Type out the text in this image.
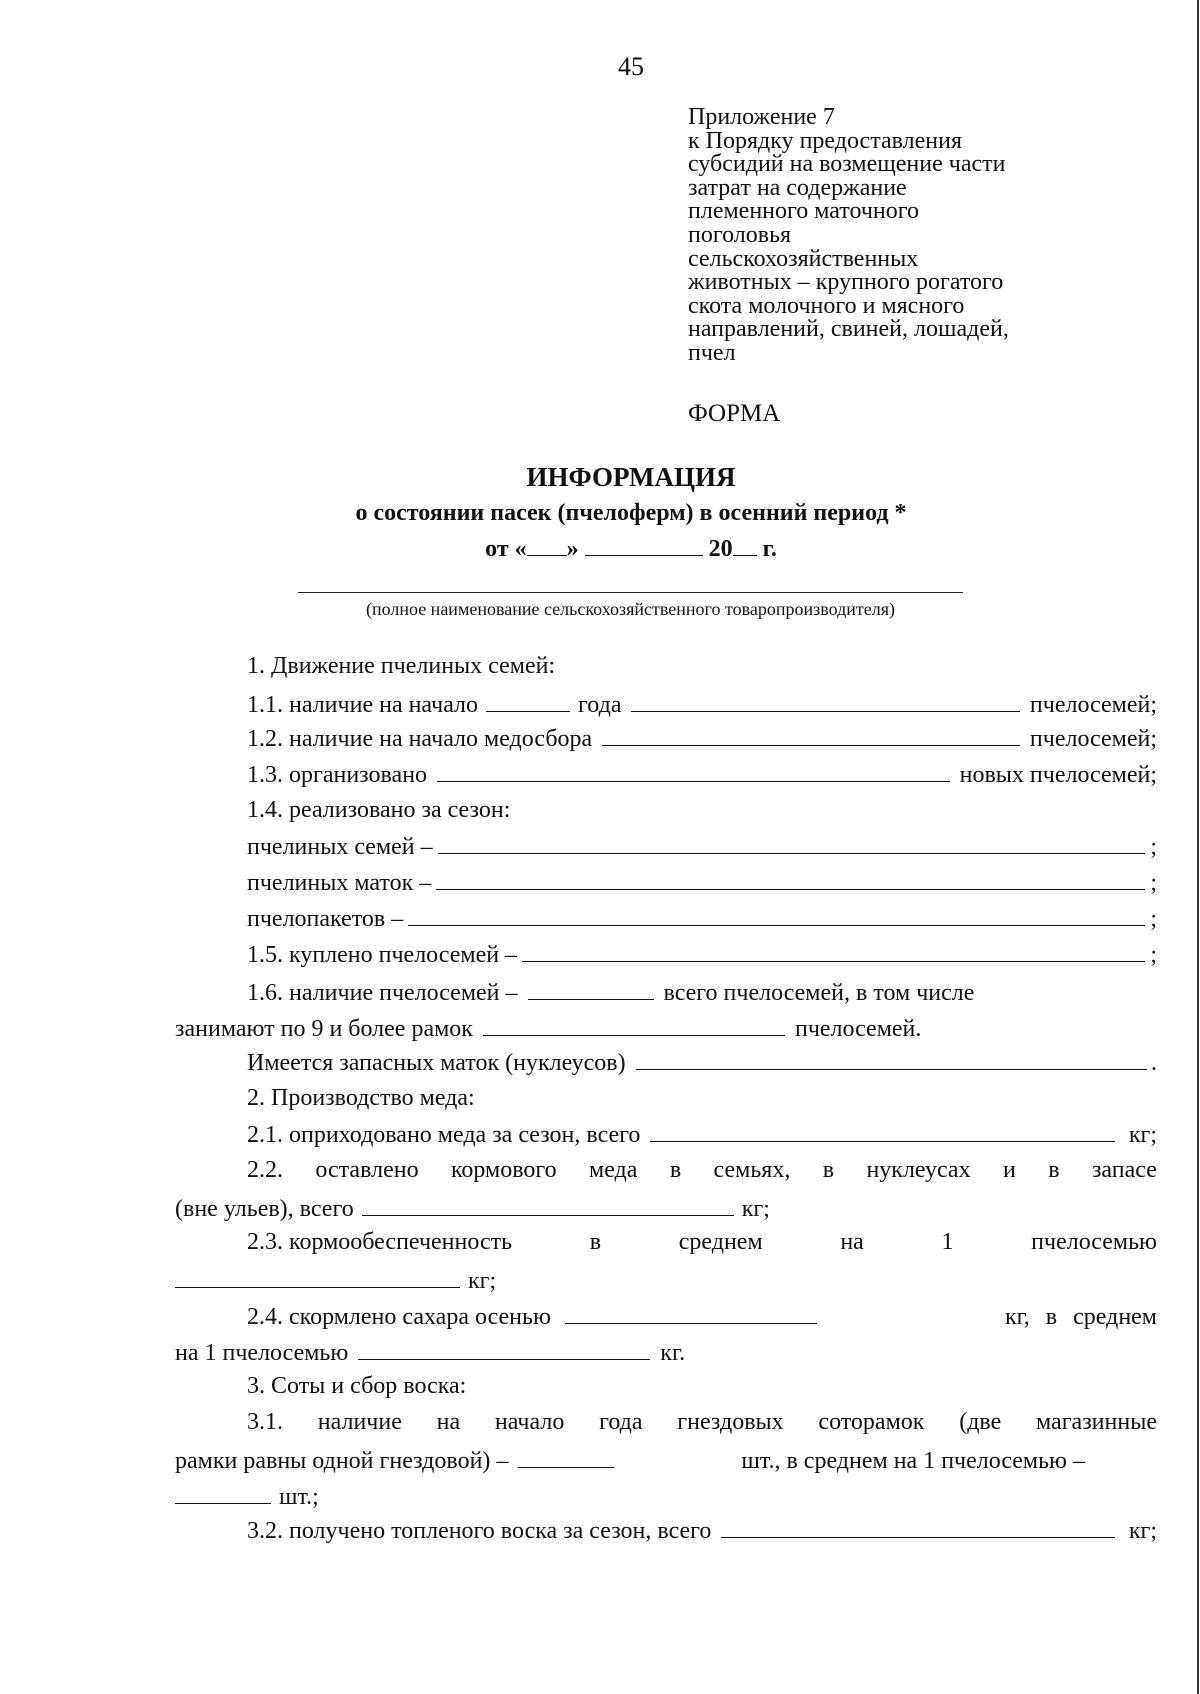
45
Приложение 7
к Порядку предоставления
субсидий на возмещение части
затрат на содержание
племенного маточного
поголовья
сельскохозяйственных
животных – крупного рогатого
скота молочного и мясного
направлений, свиней, лошадей,
пчел
ФОРМА
ИНФОРМАЦИЯ
о состоянии пасек (пчелоферм) в осенний период *
от « »	20 г.
(полное наименование сельскохозяйственного товаропроизводителя)
1. Движение пчелиных семей:
1.1. наличие на начало	года	пчелосемей;
1.2. наличие на начало медосбора	пчелосемей;
1.3. организовано	новых пчелосемей;
1.4. реализовано за сезон:
пчелиных семей –	;
пчелиных маток –	;
пчелопакетов –	;
1.5. куплено пчелосемей –	;
1.6. наличие пчелосемей –	всего пчелосемей, в том числе
занимают по 9 и более рамок	пчелосемей.
Имеется запасных маток (нуклеусов)	.
2. Производство меда:
2.1. оприходовано меда за сезон, всего	кг;
2.2. оставлено кормового меда в семьях, в нуклеусах и в запасе
(вне ульев), всего	кг;
2.3. кормообеспеченность	в	среднем	на	1	пчелосемью
кг;
2.4. скормлено сахара осенью	кг, в среднем
на 1 пчелосемью	кг.
3. Соты и сбор воска:
3.1. наличие на начало года гнездовых соторамок (две магазинные
рамки равны одной гнездовой) –	шт., в среднем на 1 пчелосемью –
шт.;
3.2. получено топленого воска за сезон, всего	кг;
